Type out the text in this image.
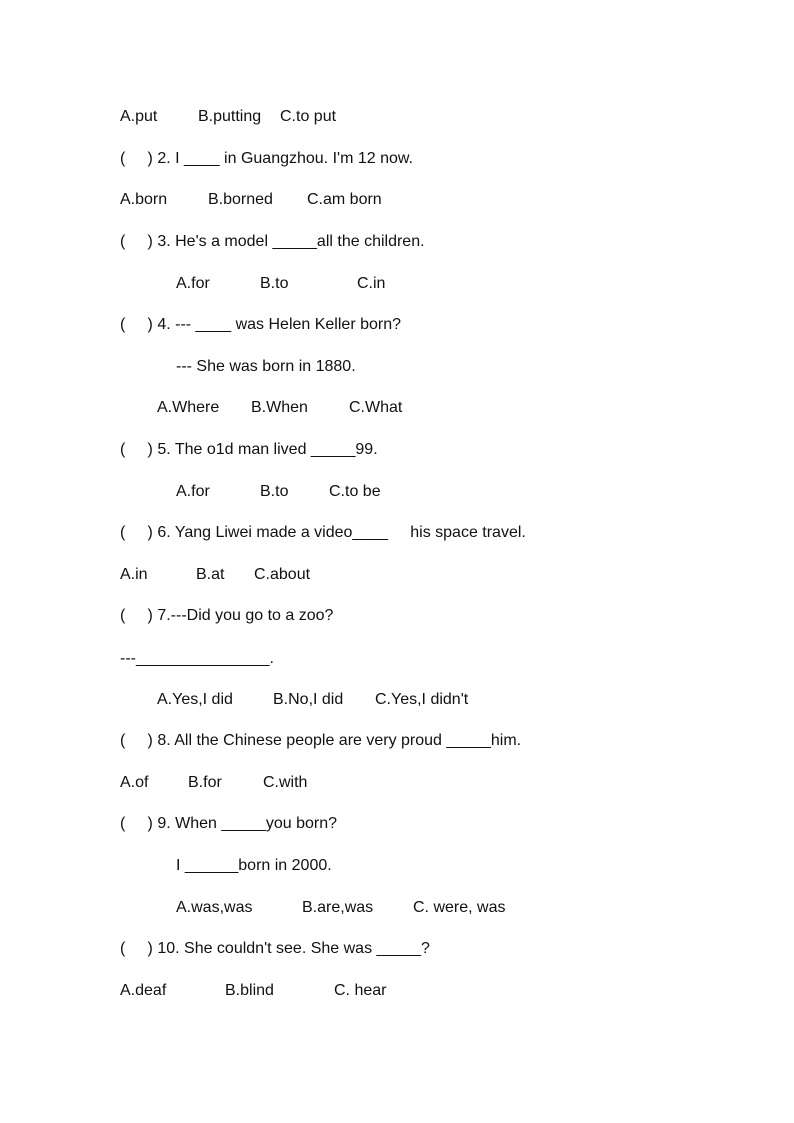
A.put

	B.putting

C.to put

(     ) 2. I ____ in Guangzhou. I'm 12 now.

A.born

	B.borned

C.am born

(     ) 3. He's a model _____all the children.

A.for

	B.to

	C.in

(     ) 4. --- ____ was Helen Keller born?
--- She was born in 1880.

A.Where

B.When

	C.What

(     ) 5. The o1d man lived _____99.

A.for

	B.to

	C.to be

(     ) 6. Yang Liwei made a video____     his space travel.

A.in

	B.at

C.about

(     ) 7.---Did you go to a zoo?
---_______________.

A.Yes,I did

	B.No,I did

C.Yes,I didn't

(     ) 8. All the Chinese people are very proud _____him.

A.of

B.for

	C.with

(     ) 9. When _____you born?
I ______born in 2000.

A.was,was

	B.are,was

C. were, was

(     ) 10. She couldn't see. She was _____?

A.deaf

	B.blind

	C. hear
